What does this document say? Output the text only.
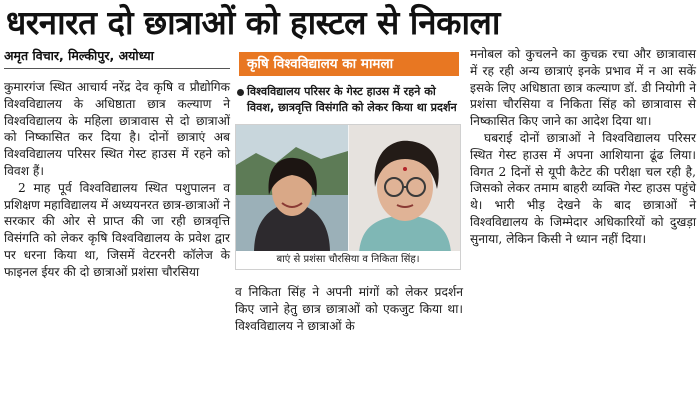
धरनारत दो छात्राओं को हास्टल से निकाला
अमृत विचार, मिल्कीपुर, अयोध्या

कुमारगंज स्थित आचार्य नरेंद्र देव कृषि व प्रौद्योगिक विश्वविद्यालय के अधिष्ठाता छात्र कल्याण ने विश्वविद्यालय के महिला छात्रावास से दो छात्राओं को निष्कासित कर दिया है। दोनों छात्राएं अब विश्वविद्यालय परिसर स्थित गेस्ट हाउस में रहने को विवश हैं।

2 माह पूर्व विश्वविद्यालय स्थित पशुपालन व प्रशिक्षण महाविद्यालय में अध्ययनरत छात्र-छात्राओं ने सरकार की ओर से प्राप्त की जा रही छात्रवृत्ति विसंगति को लेकर कृषि विश्वविद्यालय के प्रवेश द्वार पर धरना किया था, जिसमें वेटरनरी कॉलेज के फाइनल ईयर की दो छात्राओं प्रशंसा चौरसिया

कृषि विश्वविद्यालय का मामला

विश्वविद्यालय परिसर के गेस्ट हाउस में रहने को विवश, छात्रवृत्ति विसंगति को लेकर किया था प्रदर्शन

बाएं से प्रशंसा चौरसिया व निकिता सिंह।

व निकिता सिंह ने अपनी मांगों को लेकर प्रदर्शन किए जाने हेतु छात्र छात्राओं को एकजुट किया था। विश्वविद्यालय ने छात्राओं के

मनोबल को कुचलने का कुचक्र रचा और छात्रावास में रह रही अन्य छात्राएं इनके प्रभाव में न आ सकें इसके लिए अधिष्ठाता छात्र कल्याण डॉ. डी नियोगी ने प्रशंसा चौरसिया व निकिता सिंह को छात्रावास से निष्कासित किए जाने का आदेश दिया था।

घबराई दोनों छात्राओं ने विश्वविद्यालय परिसर स्थित गेस्ट हाउस में अपना आशियाना ढूंढ लिया। विगत 2 दिनों से यूपी कैटेट की परीक्षा चल रही है, जिसको लेकर तमाम बाहरी व्यक्ति गेस्ट हाउस पहुंचे थे। भारी भीड़ देखने के बाद छात्राओं ने विश्वविद्यालय के जिम्मेदार अधिकारियों को दुखड़ा सुनाया, लेकिन किसी ने ध्यान नहीं दिया।
